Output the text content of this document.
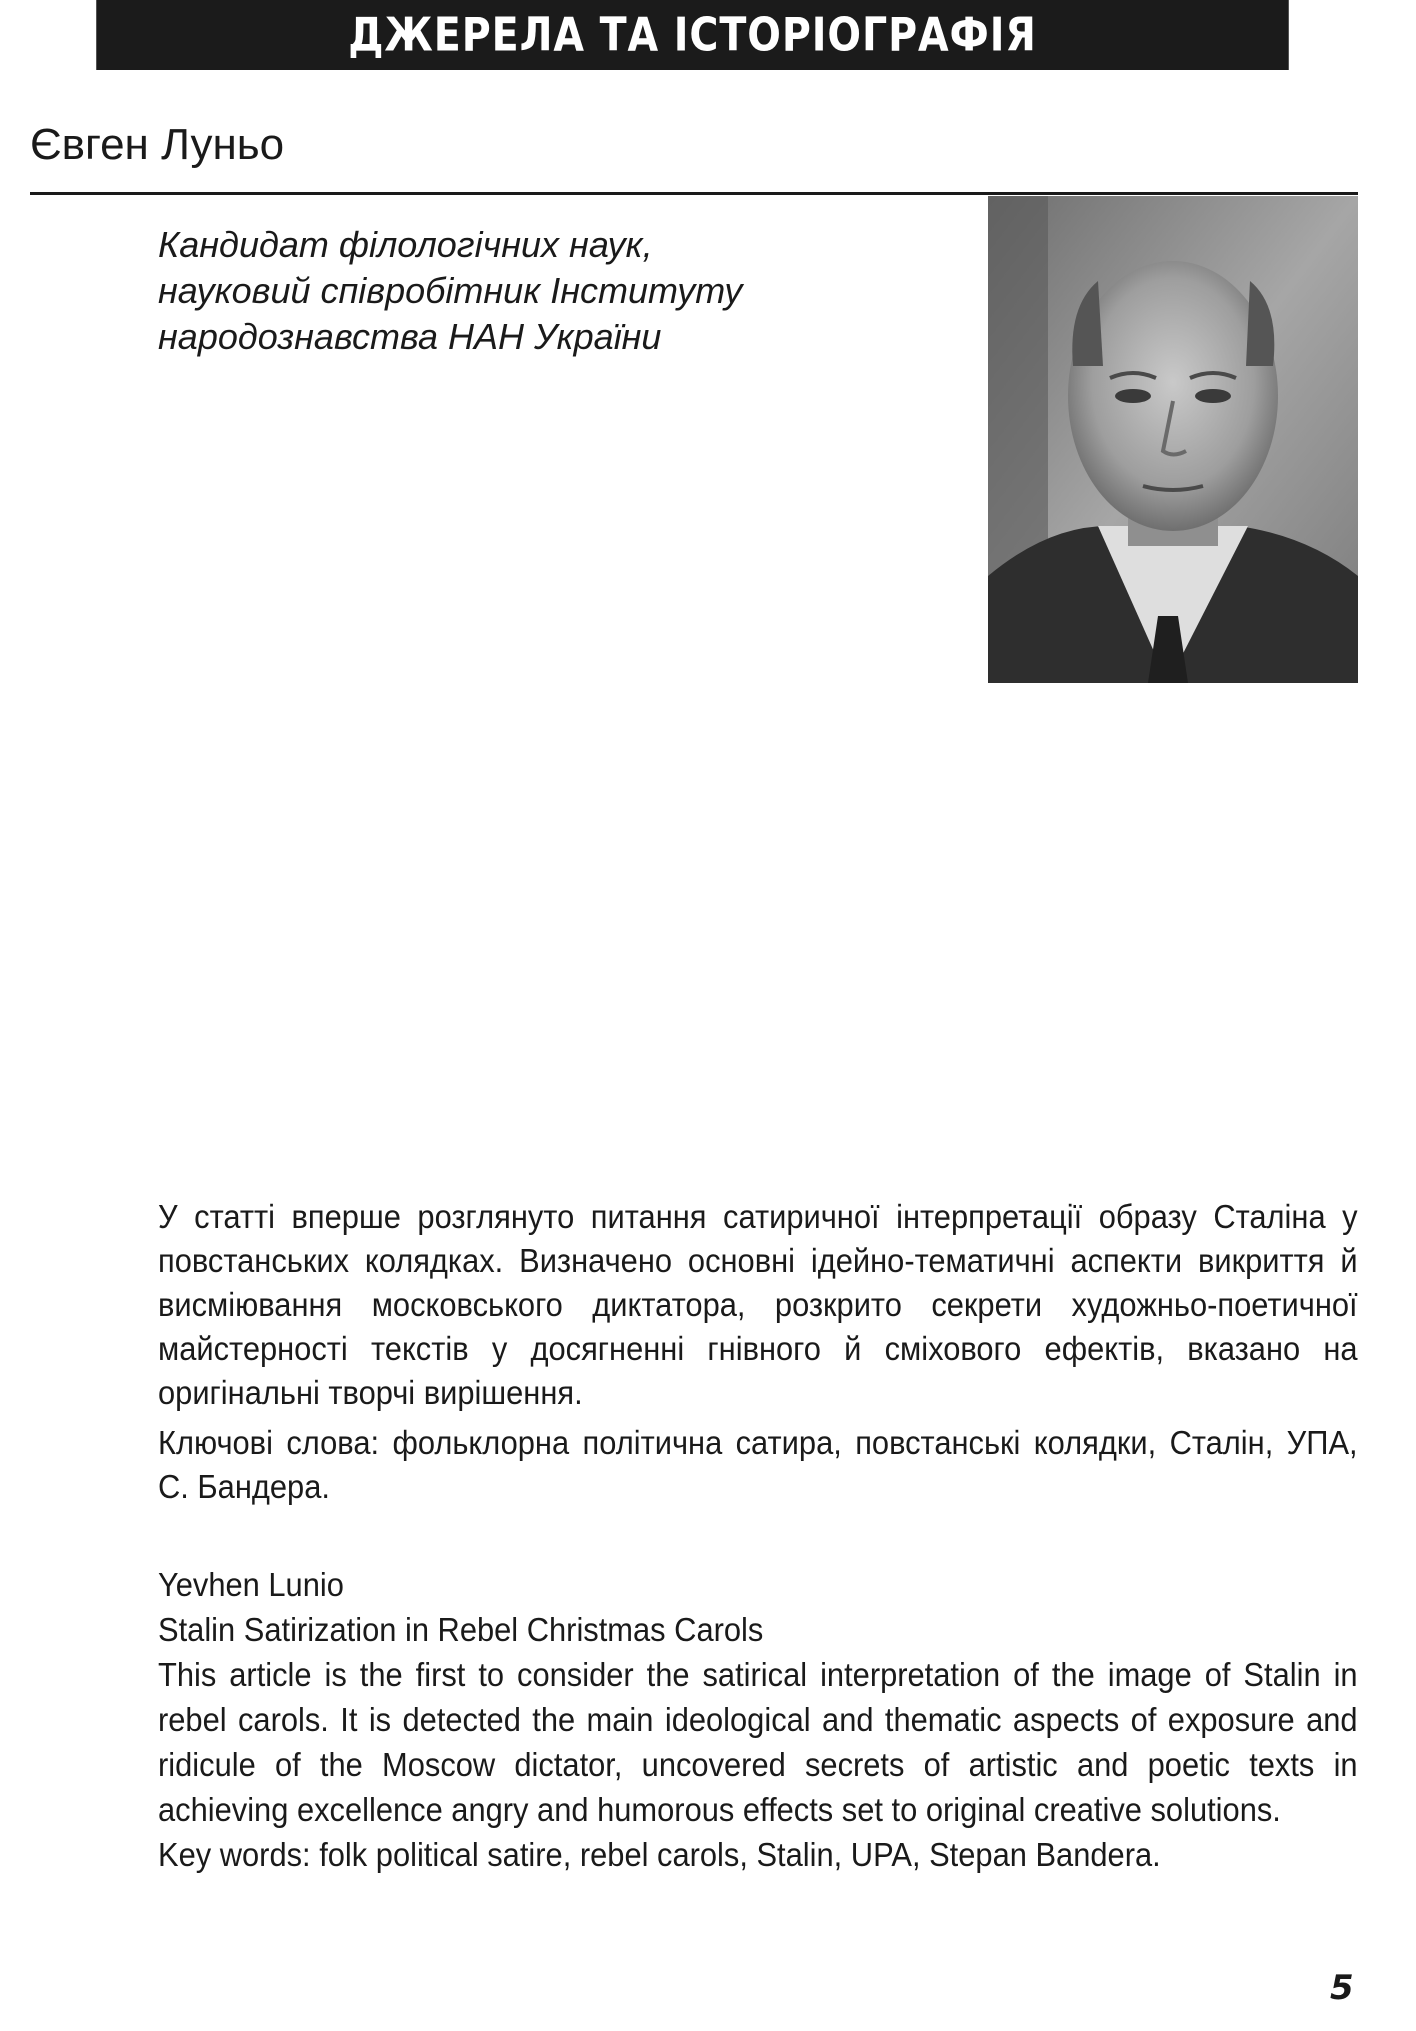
ДЖЕРЕЛА ТА ІСТОРІОГРАФІЯ
Євген Луньо
Кандидат філологічних наук,
науковий співробітник Інституту
народознавства НАН України

У статті вперше розглянуто питання сатиричної інтерпретації образу Сталіна у повстанських колядках. Визначено основні ідейно-тематичні аспекти викриття й висміювання московського диктатора, розкрито секрети художньо-поетичної майстерності текстів у досягненні гнівного й сміхового ефектів, вказано на оригінальні творчі вирішення.

Ключові слова: фольклорна політична сатира, повстанські колядки, Сталін, УПА, С. Бандера.

Yevhen Lunio
Stalin Satirization in Rebel Christmas Carols
This article is the first to consider the satirical interpretation of the image of Stalin in rebel carols. It is detected the main ideological and thematic aspects of exposure and ridicule of the Moscow dictator, uncovered secrets of artistic and poetic texts in achieving excellence angry and humorous effects set to original creative solutions.
Key words: folk political satire, rebel carols, Stalin, UPA, Stepan Bandera.
5
